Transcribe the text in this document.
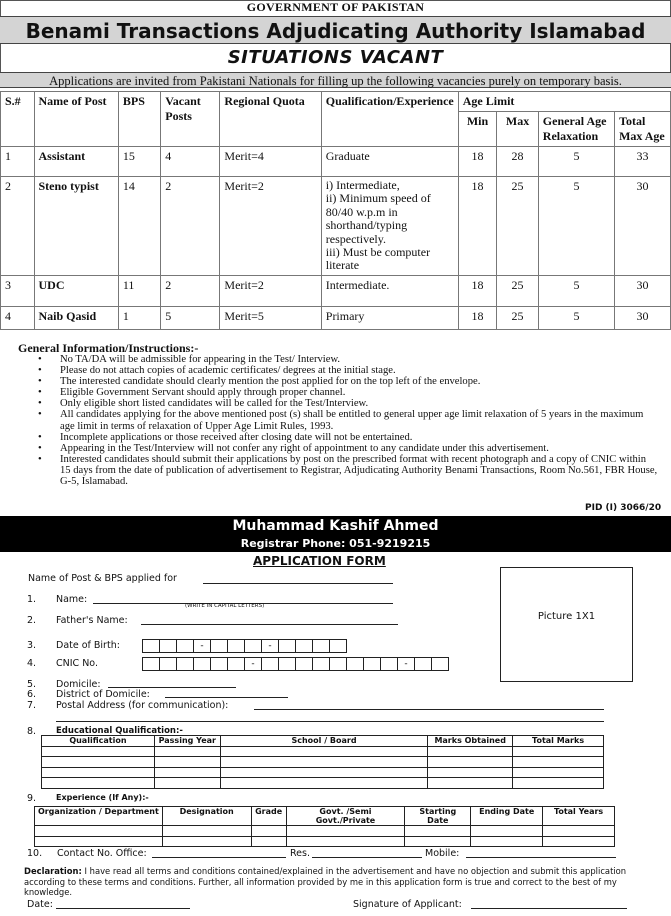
GOVERNMENT OF PAKISTAN
Benami Transactions Adjudicating Authority Islamabad
SITUATIONS VACANT
Applications are invited from Pakistani Nationals for filling up the following vacancies purely on temporary basis.
S.#	Name of Post	BPS	Vacant Posts	Regional Quota	Qualification/Experience	Age Limit			
						Min	Max	General Age Relaxation	Total Max Age
1	Assistant	15	4	Merit=4	Graduate	18	28	5	33
2	Steno typist	14	2	Merit=2	i) Intermediate,
ii) Minimum speed of 80/40 w.p.m in shorthand/typing respectively.
iii) Must be computer literate	18	25	5	30
3	UDC	11	2	Merit=2	Intermediate.	18	25	5	30
4	Naib Qasid	1	5	Merit=5	Primary	18	25	5	30
General Information/Instructions:-
• No TA/DA will be admissible for appearing in the Test/ Interview.
• Please do not attach copies of academic certificates/ degrees at the initial stage.
• The interested candidate should clearly mention the post applied for on the top left of the envelope.
• Eligible Government Servant should apply through proper channel.
• Only eligible short listed candidates will be called for the Test/Interview.
• All candidates applying for the above mentioned post (s) shall be entitled to general upper age limit relaxation of 5 years in the maximum age limit in terms of relaxation of Upper Age Limit Rules, 1993.
• Incomplete applications or those received after closing date will not be entertained.
• Appearing in the Test/Interview will not confer any right of appointment to any candidate under this advertisement.
• Interested candidates should submit their applications by post on the prescribed format with recent photograph and a copy of CNIC within 15 days from the date of publication of advertisement to Registrar, Adjudicating Authority Benami Transactions, Room No.561, FBR House, G-5, Islamabad.
PID (I) 3066/20
Muhammad Kashif Ahmed
Registrar Phone: 051-9219215
APPLICATION FORM
Name of Post & BPS applied for
1. Name:
(WRITE IN CAPITAL LETTERS)
2. Father's Name:
3. Date of Birth:	-	-
4. CNIC No.	-	-
5. Domicile:
6. District of Domicile:
7. Postal Address (for communication):
Picture 1X1
8. Educational Qualification:-
Qualification	Passing Year	School / Board	Marks Obtained	Total Marks

9. Experience (If Any):-
Organization / Department	Designation	Grade	Govt. /Semi Govt./Private	Starting Date	Ending Date	Total Years

10. Contact No. Office:	Res.	Mobile:
Declaration: I have read all terms and conditions contained/explained in the advertisement and have no objection and submit this application according to these terms and conditions. Further, all information provided by me in this application form is true and correct to the best of my knowledge.
Date:	Signature of Applicant:
